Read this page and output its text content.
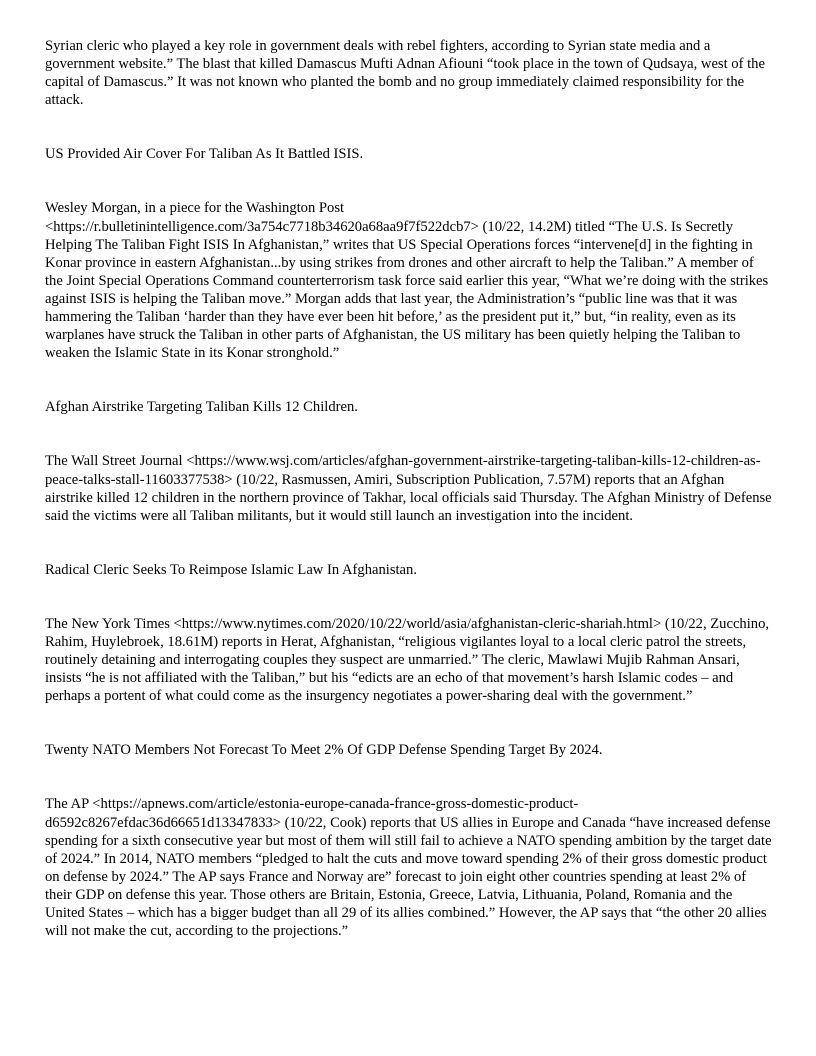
Syrian cleric who played a key role in government deals with rebel fighters, according to Syrian state media and a government website.” The blast that killed Damascus Mufti Adnan Afiouni “took place in the town of Qudsaya, west of the capital of Damascus.” It was not known who planted the bomb and no group immediately claimed responsibility for the attack.

US Provided Air Cover For Taliban As It Battled ISIS.

Wesley Morgan, in a piece for the Washington Post <https://r.bulletinintelligence.com/3a754c7718b34620a68aa9f7f522dcb7> (10/22, 14.2M) titled “The U.S. Is Secretly Helping The Taliban Fight ISIS In Afghanistan,” writes that US Special Operations forces “intervene[d] in the fighting in Konar province in eastern Afghanistan...by using strikes from drones and other aircraft to help the Taliban.” A member of the Joint Special Operations Command counterterrorism task force said earlier this year, “What we’re doing with the strikes against ISIS is helping the Taliban move.” Morgan adds that last year, the Administration’s “public line was that it was hammering the Taliban ‘harder than they have ever been hit before,’ as the president put it,” but, “in reality, even as its warplanes have struck the Taliban in other parts of Afghanistan, the US military has been quietly helping the Taliban to weaken the Islamic State in its Konar stronghold.”

Afghan Airstrike Targeting Taliban Kills 12 Children.

The Wall Street Journal <https://www.wsj.com/articles/afghan-government-airstrike-targeting-taliban-kills-12-children-as-peace-talks-stall-11603377538> (10/22, Rasmussen, Amiri, Subscription Publication, 7.57M) reports that an Afghan airstrike killed 12 children in the northern province of Takhar, local officials said Thursday. The Afghan Ministry of Defense said the victims were all Taliban militants, but it would still launch an investigation into the incident.

Radical Cleric Seeks To Reimpose Islamic Law In Afghanistan.

The New York Times <https://www.nytimes.com/2020/10/22/world/asia/afghanistan-cleric-shariah.html> (10/22, Zucchino, Rahim, Huylebroek, 18.61M) reports in Herat, Afghanistan, “religious vigilantes loyal to a local cleric patrol the streets, routinely detaining and interrogating couples they suspect are unmarried.” The cleric, Mawlawi Mujib Rahman Ansari, insists “he is not affiliated with the Taliban,” but his “edicts are an echo of that movement’s harsh Islamic codes – and perhaps a portent of what could come as the insurgency negotiates a power-sharing deal with the government.”

Twenty NATO Members Not Forecast To Meet 2% Of GDP Defense Spending Target By 2024.

The AP <https://apnews.com/article/estonia-europe-canada-france-gross-domestic-product-d6592c8267efdac36d66651d13347833> (10/22, Cook) reports that US allies in Europe and Canada “have increased defense spending for a sixth consecutive year but most of them will still fail to achieve a NATO spending ambition by the target date of 2024.” In 2014, NATO members “pledged to halt the cuts and move toward spending 2% of their gross domestic product on defense by 2024.” The AP says France and Norway are” forecast to join eight other countries spending at least 2% of their GDP on defense this year. Those others are Britain, Estonia, Greece, Latvia, Lithuania, Poland, Romania and the United States – which has a bigger budget than all 29 of its allies combined.” However, the AP says that “the other 20 allies will not make the cut, according to the projections.”
